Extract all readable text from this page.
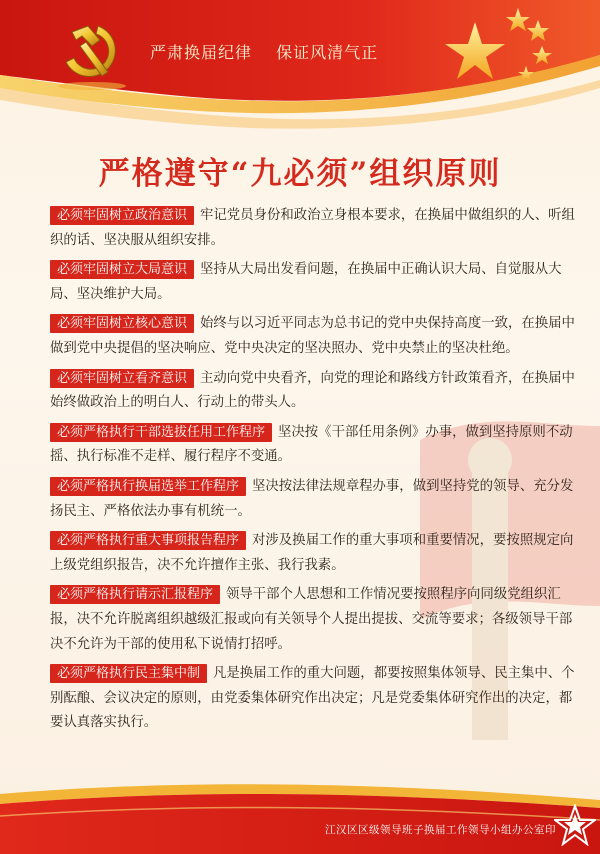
严肃换届纪律 保证风清气正
严格遵守“九必须”组织原则
必须牢固树立政治意识 牢记党员身份和政治立身根本要求，在换届中做组织的人、听组织的话、坚决服从组织安排。
必须牢固树立大局意识 坚持从大局出发看问题，在换届中正确认识大局、自觉服从大局、坚决维护大局。
必须牢固树立核心意识 始终与以习近平同志为总书记的党中央保持高度一致，在换届中做到党中央提倡的坚决响应、党中央决定的坚决照办、党中央禁止的坚决杜绝。
必须牢固树立看齐意识 主动向党中央看齐，向党的理论和路线方针政策看齐，在换届中始终做政治上的明白人、行动上的带头人。
必须严格执行干部选拔任用工作程序 坚决按《干部任用条例》办事，做到坚持原则不动摇、执行标准不走样、履行程序不变通。
必须严格执行换届选举工作程序 坚决按法律法规章程办事，做到坚持党的领导、充分发扬民主、严格依法办事有机统一。
必须严格执行重大事项报告程序 对涉及换届工作的重大事项和重要情况，要按照规定向上级党组织报告，决不允许擅作主张、我行我素。
必须严格执行请示汇报程序 领导干部个人思想和工作情况要按照程序向同级党组织汇报，决不允许脱离组织越级汇报或向有关领导个人提出提拔、交流等要求；各级领导干部决不允许为干部的使用私下说情打招呼。
必须严格执行民主集中制 凡是换届工作的重大问题，都要按照集体领导、民主集中、个别酝酿、会议决定的原则，由党委集体研究作出决定；凡是党委集体研究作出的决定，都要认真落实执行。
江汉区区级领导班子换届工作领导小组办公室印
